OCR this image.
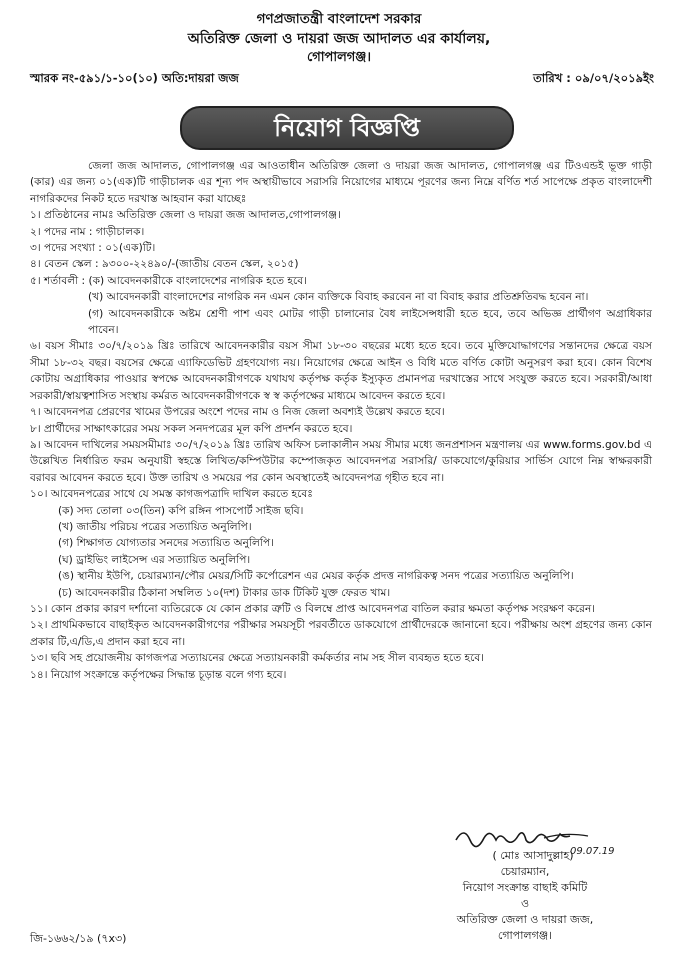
গণপ্রজাতন্ত্রী বাংলাদেশ সরকার
অতিরিক্ত জেলা ও দায়রা জজ আদালত এর কার্যালয়,
গোপালগঞ্জ।
স্মারক নং-৫৯১/১-১০(১০) অতি:দায়রা জজ	তারিখ : ০৯/০৭/২০১৯ইং
নিয়োগ বিজ্ঞপ্তি

জেলা জজ আদালত, গোপালগঞ্জ এর আওতাধীন অতিরিক্ত জেলা ও দায়রা জজ আদালত, গোপালগঞ্জ এর টিওএন্ডই ভূক্ত গাড়ী (কার) এর জন্য ০১(এক)টি গাড়ীচালক এর শূন্য পদ অস্থায়ীভাবে সরাসরি নিয়োগের মাধ্যমে পূরণের জন্য নিম্নে বর্ণিত শর্ত সাপেক্ষে প্রকৃত বাংলাদেশী নাগরিকদের নিকট হতে দরখাস্ত আহবান করা যাচ্ছেঃ

১। প্রতিষ্ঠানের নামঃ অতিরিক্ত জেলা ও দায়রা জজ আদালত,গোপালগঞ্জ।

২। পদের নাম : গাড়ীচালক।

৩। পদের সংখ্যা : ০১(এক)টি।

৪। বেতন স্কেল : ৯৩০০-২২৪৯০/-(জাতীয় বেতন স্কেল, ২০১৫)

৫। শর্তাবলী : (ক) আবেদনকারীকে বাংলাদেশের নাগরিক হতে হবে।

(খ) আবেদনকারী বাংলাদেশের নাগরিক নন এমন কোন ব্যক্তিকে বিবাহ করবেন না বা বিবাহ করার প্রতিশ্রুতিবদ্ধ হবেন না।

(গ) আবেদনকারীকে অষ্টম শ্রেণী পাশ এবং মোটর গাড়ী চালানোর বৈধ লাইসেন্সধারী হতে হবে, তবে অভিজ্ঞ প্রার্থীগণ অগ্রাধিকার পাবেন।

৬। বয়স সীমাঃ ৩০/৭/২০১৯ খ্রিঃ তারিখে আবেদনকারীর বয়স সীমা ১৮-৩০ বছরের মধ্যে হতে হবে। তবে মুক্তিযোদ্ধাগণের সন্তানদের ক্ষেত্রে বয়স সীমা ১৮-৩২ বছর। বয়সের ক্ষেত্রে এ্যাফিডেভিট গ্রহণযোগ্য নয়। নিয়োগের ক্ষেত্রে আইন ও বিধি মতে বর্ণিত কোটা অনুসরণ করা হবে। কোন বিশেষ কোটায় অগ্রাধিকার পাওয়ার স্বপক্ষে আবেদনকারীগণকে যথাযথ কর্তৃপক্ষ কর্তৃক ইস্যুকৃত প্রমানপত্র দরখাস্তের সাথে সংযুক্ত করতে হবে। সরকারী/আধা সরকারী/স্বায়ত্বশাসিত সংস্থায় কর্মরত আবেদনকারীগণকে স্ব স্ব কর্তৃপক্ষের মাধ্যমে আবেদন করতে হবে।

৭। আবেদনপত্র প্রেরণের খামের উপরের অংশে পদের নাম ও নিজ জেলা অবশ্যই উল্লেখ করতে হবে।

৮। প্রার্থীদের সাক্ষাৎকারের সময় সকল সনদপত্রের মূল কপি প্রদর্শন করতে হবে।

৯। আবেদন দাখিলের সময়সমীমাঃ ৩০/৭/২০১৯ খ্রিঃ তারিখ অফিস চলাকালীন সময় সীমার মধ্যে জনপ্রশাসন মন্ত্রণালয় এর www.forms.gov.bd এ উল্লেখিত নির্ধারিত ফরম অনুযায়ী স্বহস্তে লিখিত/কম্পিউটার কম্পোজকৃত আবেদনপত্র সরাসরি/ ডাকযোগে/কুরিয়ার সার্ভিস যোগে নিম্ন স্বাক্ষরকারী বরাবর আবেদন করতে হবে। উক্ত তারিখ ও সময়ের পর কোন অবস্থাতেই আবেদনপত্র গৃহীত হবে না।

১০। আবেদনপত্রের সাথে যে সমস্ত কাগজপত্রাদি দাখিল করতে হবেঃ

(ক) সদ্য তোলা ০৩(তিন) কপি রঙ্গিন পাসপোর্ট সাইজ ছবি।

(খ) জাতীয় পরিচয় পত্রের সত্যায়িত অনুলিপি।

(গ) শিক্ষাগত যোগ্যতার সনদের সত্যায়িত অনুলিপি।

(ঘ) ড্রাইভিং লাইসেন্স এর সত্যায়িত অনুলিপি।

(ঙ) স্থানীয় ইউপি, চেয়ারম্যান/পৌর মেয়র/সিটি কর্পোরেশন এর মেয়র কর্তৃক প্রদত্ত নাগরিকত্ব সনদ পত্রের সত্যায়িত অনুলিপি।

(চ) আবেদনকারীর ঠিকানা সম্বলিত ১০(দশ) টাকার ডাক টিকিট যুক্ত ফেরত খাম।

১১। কোন প্রকার কারণ দর্শানো ব্যতিরেকে যে কোন প্রকার ত্রুটি ও বিলম্বে প্রাপ্ত আবেদনপত্র বাতিল করার ক্ষমতা কর্তৃপক্ষ সংরক্ষণ করেন।

১২। প্রাথমিকভাবে বাছাইকৃত আবেদনকারীগণের পরীক্ষার সময়সূচী পরবর্তীতে ডাকযোগে প্রার্থীদেরকে জানানো হবে। পরীক্ষায় অংশ গ্রহণের জন্য কোন প্রকার টি,এ/ডি,এ প্রদান করা হবে না।

১৩। ছবি সহ প্রয়োজনীয় কাগজপত্র সত্যায়নের ক্ষেত্রে সত্যায়নকারী কর্মকর্তার নাম সহ সীল ব্যবহৃত হতে হবে।

১৪। নিয়োগ সংক্রান্তে কর্তৃপক্ষের সিদ্ধান্ত চূড়ান্ত বলে গণ্য হবে।

09.07.19
( মোঃ আসাদুল্লাহ)
চেয়ারম্যান,
নিয়োগ সংক্রান্ত বাছাই কমিটি
ও
অতিরিক্ত জেলা ও দায়রা জজ,
গোপালগঞ্জ।
জি-১৬৬২/১৯ (৭x৩)
